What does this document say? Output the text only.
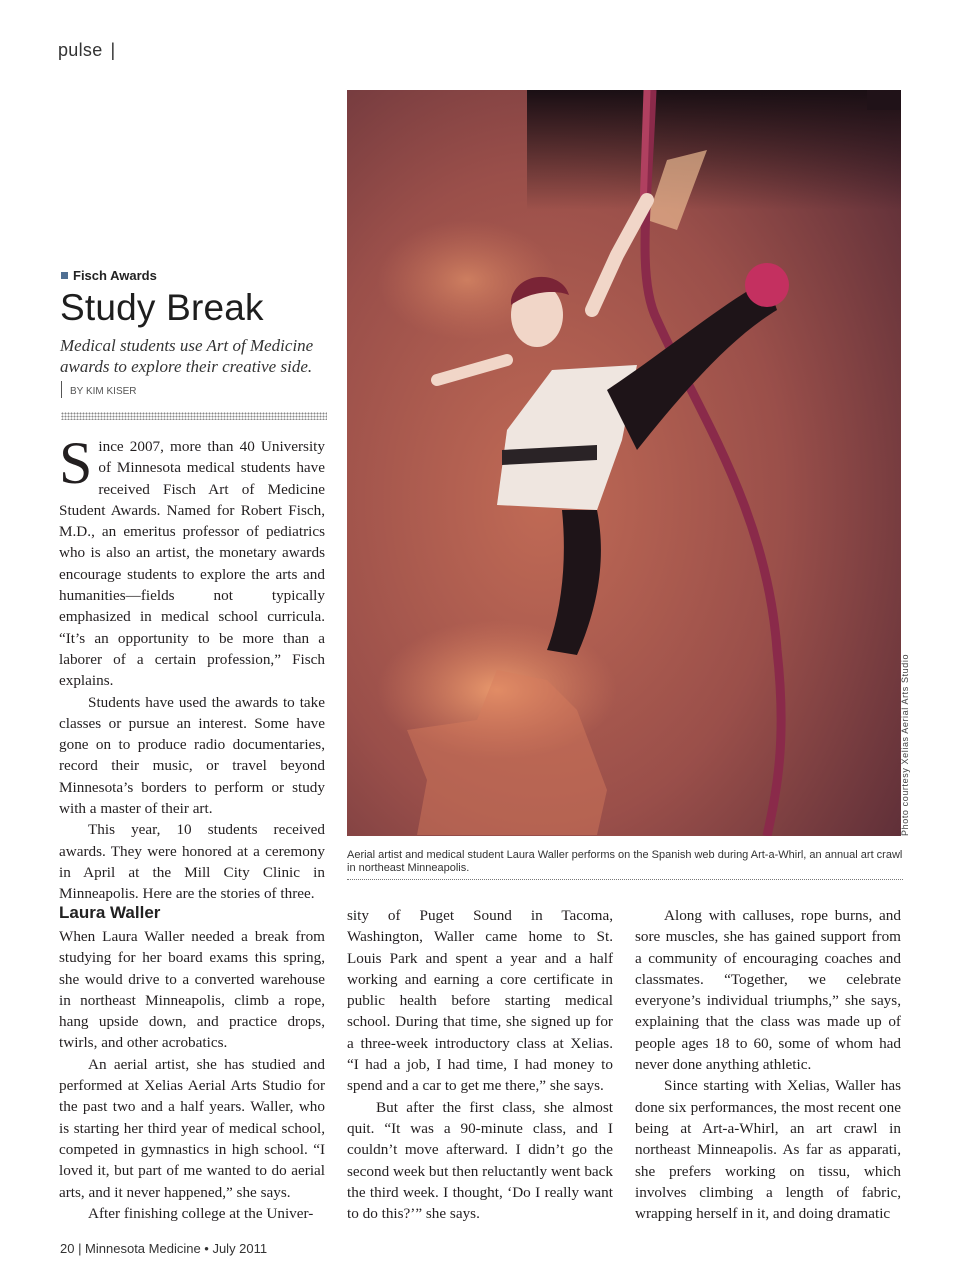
pulse |
Photo courtesy Xelias Aerial Arts Studio
Aerial artist and medical student Laura Waller performs on the Spanish web during Art-a-Whirl, an annual art crawl in northeast Minneapolis.
Fisch Awards
Study Break
Medical students use Art of Medicine awards to explore their creative side.
BY KIM KISER

Since 2007, more than 40 University of Minnesota medical students have received Fisch Art of Medicine Student Awards. Named for Robert Fisch, M.D., an emeritus professor of pediatrics who is also an artist, the monetary awards encourage students to explore the arts and humanities—fields not typically emphasized in medical school curricula. “It’s an opportunity to be more than a laborer of a certain profession,” Fisch explains.

Students have used the awards to take classes or pursue an interest. Some have gone on to produce radio documentaries, record their music, or travel beyond Minnesota’s borders to perform or study with a master of their art.

This year, 10 students received awards. They were honored at a ceremony in April at the Mill City Clinic in Minneapolis. Here are the stories of three.

Laura Waller

When Laura Waller needed a break from studying for her board exams this spring, she would drive to a converted warehouse in northeast Minneapolis, climb a rope, hang upside down, and practice drops, twirls, and other acrobatics.

An aerial artist, she has studied and performed at Xelias Aerial Arts Studio for the past two and a half years. Waller, who is starting her third year of medical school, competed in gymnastics in high school. “I loved it, but part of me wanted to do aerial arts, and it never happened,” she says.

After finishing college at the Univer-

sity of Puget Sound in Tacoma, Washington, Waller came home to St. Louis Park and spent a year and a half working and earning a core certificate in public health before starting medical school. During that time, she signed up for a three-week introductory class at Xelias. “I had a job, I had time, I had money to spend and a car to get me there,” she says.

But after the first class, she almost quit. “It was a 90-minute class, and I couldn’t move afterward. I didn’t go the second week but then reluctantly went back the third week. I thought, ‘Do I really want to do this?’” she says.

Along with calluses, rope burns, and sore muscles, she has gained support from a community of encouraging coaches and classmates. “Together, we celebrate everyone’s individual triumphs,” she says, explaining that the class was made up of people ages 18 to 60, some of whom had never done anything athletic.

Since starting with Xelias, Waller has done six performances, the most recent one being at Art-a-Whirl, an art crawl in northeast Minneapolis. As far as apparati, she prefers working on tissu, which involves climbing a length of fabric, wrapping herself in it, and doing dramatic

20 | Minnesota Medicine • July 2011
